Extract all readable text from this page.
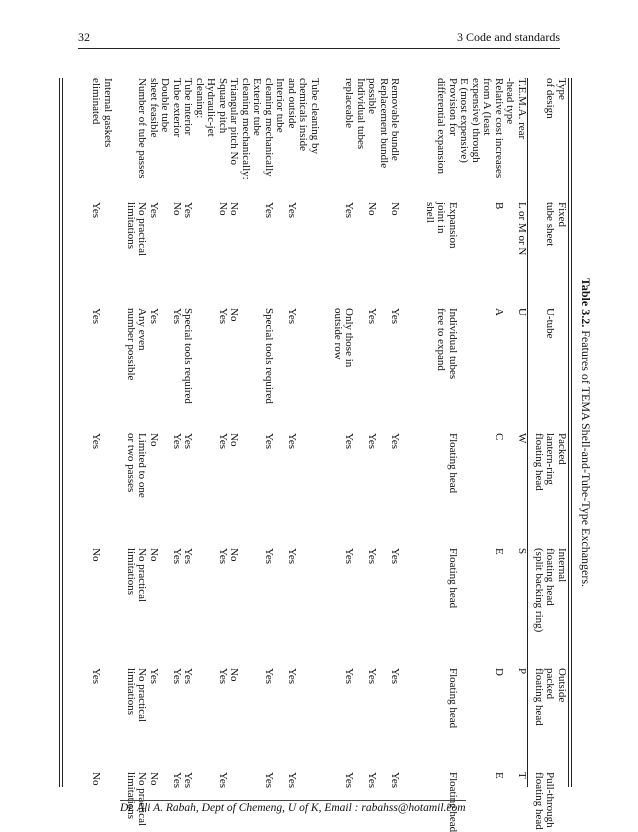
32	3 Code and standards
Table 3.2. Features of TEMA Shell-and-Tube-Type Exchangers.
Type
of design
T.E.M.A. rear
-head type
Relative cost increases
from A (least
expensive) through
E (most expensive)
Provision for
differential expansion

Removable bundle
Replacement bundle
possible
Individual tubes
replaceable

Tube cleaning by
chemicals inside
and outside
Interior tube
cleaning mechanically
Exterior tube
cleaning mechanically:
Triangular pitch No
Square pitch
Hydraulic-jet
cleaning:
Tube interior
Tube exterior
Double tube
sheet feasible
Number of tube passes

Internal gaskets
eliminated
Fixed
tube sheet
L or M or N

B

Expansion
joint in
shell

No

No

Yes

Yes

Yes

No
No

Yes
No

Yes
No practical
limitations

Yes

U-tube
U

A

Individual tubes
free to expand

Yes

Yes

Only those in
outside row

Yes

Special tools required

No
Yes

Special tools required
Yes

Yes
Any even
number possible

Yes
Packed
lantern-ring
floating head
W

C

Floating head

Yes

Yes

Yes

Yes

Yes

No
Yes

Yes
Yes

No
Limited to one
or two passes

Yes
Internal
floating head
(split backing ring)
S

E

Floating head

Yes

Yes

Yes

Yes

Yes

No
Yes

Yes
Yes

No
No practical
limitations

No
Outside
packed
floating head
P

D

Floating head

Yes

Yes

Yes

Yes

Yes

No
Yes

Yes
Yes

Yes
No practical
limitations

Yes

Pull-through
floating head
T

E

Floating head

Yes

Yes

Yes

Yes

Yes

Yes

Yes
Yes

No
No practical
limitations

No
Dr. Ali A. Rabah, Dept of Chemeng, U of K, Email : rabahss@hotamil.com
